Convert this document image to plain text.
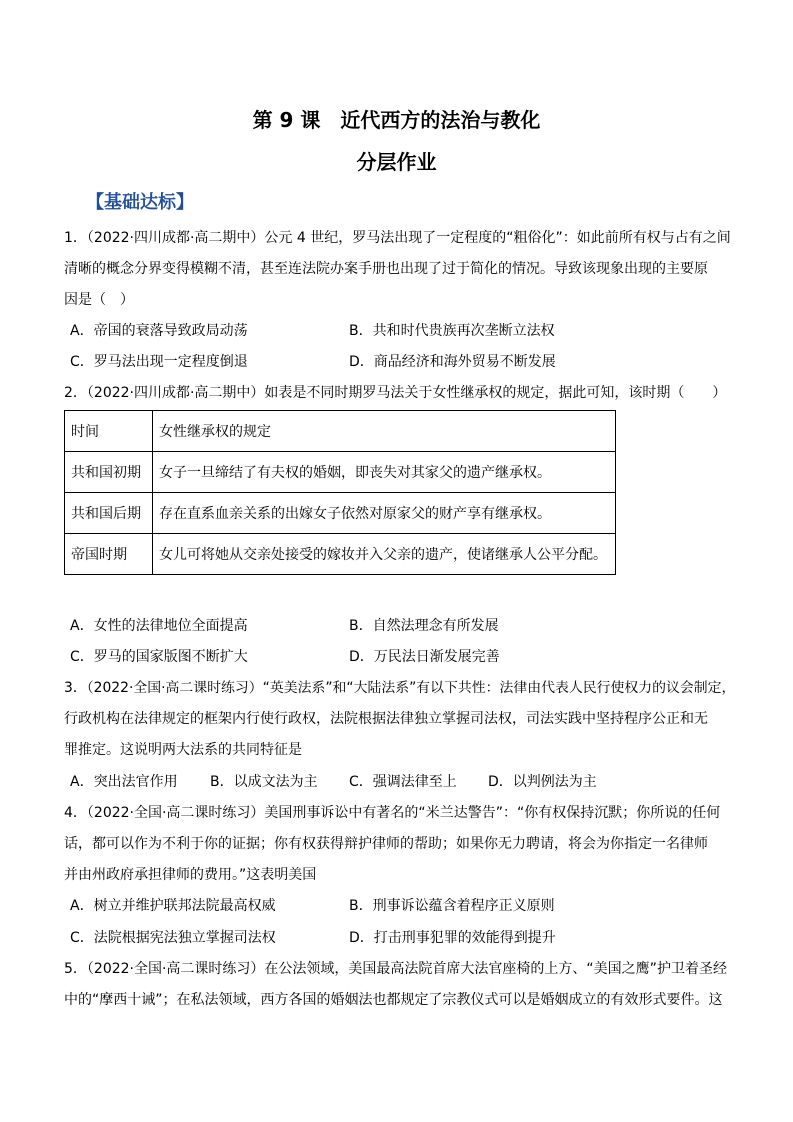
第 9 课　近代西方的法治与教化
分层作业
【基础达标】
1．（2022·四川成都·高二期中）公元 4 世纪，罗马法出现了一定程度的“粗俗化”：如此前所有权与占有之间
清晰的概念分界变得模糊不清，甚至连法院办案手册也出现了过于简化的情况。导致该现象出现的主要原
因是（　）
A．帝国的衰落导致政局动荡	B．共和时代贵族再次垄断立法权
C．罗马法出现一定程度倒退	D．商品经济和海外贸易不断发展
2．（2022·四川成都·高二期中）如表是不同时期罗马法关于女性继承权的规定，据此可知，该时期（　　）
时间	女性继承权的规定
共和国初期	女子一旦缔结了有夫权的婚姻，即丧失对其家父的遗产继承权。
共和国后期	存在直系血亲关系的出嫁女子依然对原家父的财产享有继承权。
帝国时期	女儿可将她从交亲处接受的嫁妆并入父亲的遗产，使诸继承人公平分配。
A．女性的法律地位全面提高	B．自然法理念有所发展
C．罗马的国家版图不断扩大	D．万民法日渐发展完善
3．（2022·全国·高二课时练习）“英美法系”和“大陆法系”有以下共性：法律由代表人民行使权力的议会制定，
行政机构在法律规定的框架内行使行政权，法院根据法律独立掌握司法权，司法实践中坚持程序公正和无
罪推定。这说明两大法系的共同特征是
A．突出法官作用 B．以成文法为主 C．强调法律至上 D．以判例法为主
4．（2022·全国·高二课时练习）美国刑事诉讼中有著名的“米兰达警告”：“你有权保持沉默；你所说的任何
话，都可以作为不利于你的证据；你有权获得辩护律师的帮助；如果你无力聘请，将会为你指定一名律师
并由州政府承担律师的费用。”这表明美国
A．树立并维护联邦法院最高权威	B．刑事诉讼蕴含着程序正义原则
C．法院根据宪法独立掌握司法权	D．打击刑事犯罪的效能得到提升
5．（2022·全国·高二课时练习）在公法领域，美国最高法院首席大法官座椅的上方、“美国之鹰”护卫着圣经
中的“摩西十诫”；在私法领域，西方各国的婚姻法也都规定了宗教仪式可以是婚姻成立的有效形式要件。这
